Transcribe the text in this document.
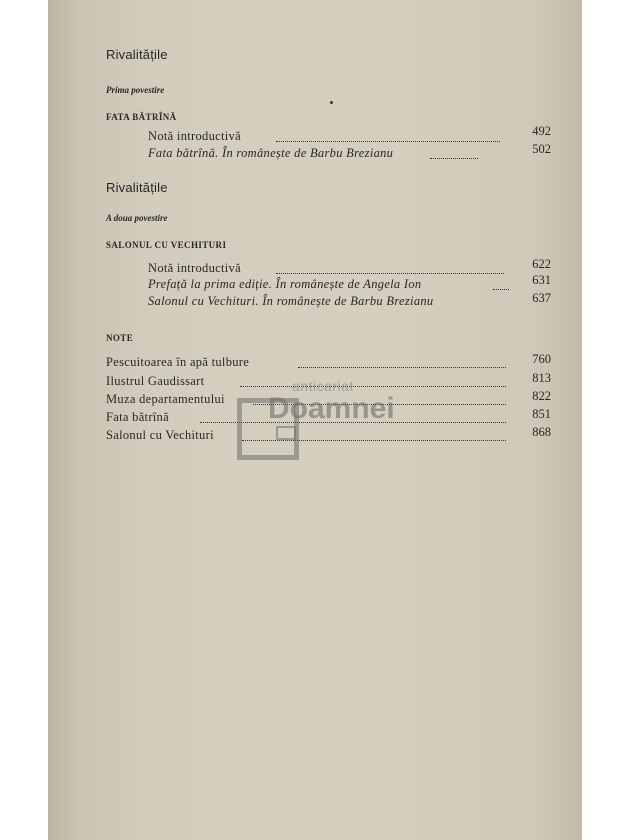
Rivalitățile
Prima povestire
FATA BĂTRÎNĂ
Notă introductivă	492
Fata bătrînă. În românește de Barbu Brezianu	502
Rivalitățile
A doua povestire
SALONUL CU VECHITURI
Notă introductivă	622
Prefață la prima ediție. În românește de Angela Ion	631
Salonul cu Vechituri. În românește de Barbu Brezianu	637
NOTE
Pescuitoarea în apă tulbure	760
Ilustrul Gaudissart	813
Muza departamentului	822
Fata bătrînă	851
Salonul cu Vechituri	868
anticariat
Doamnei
